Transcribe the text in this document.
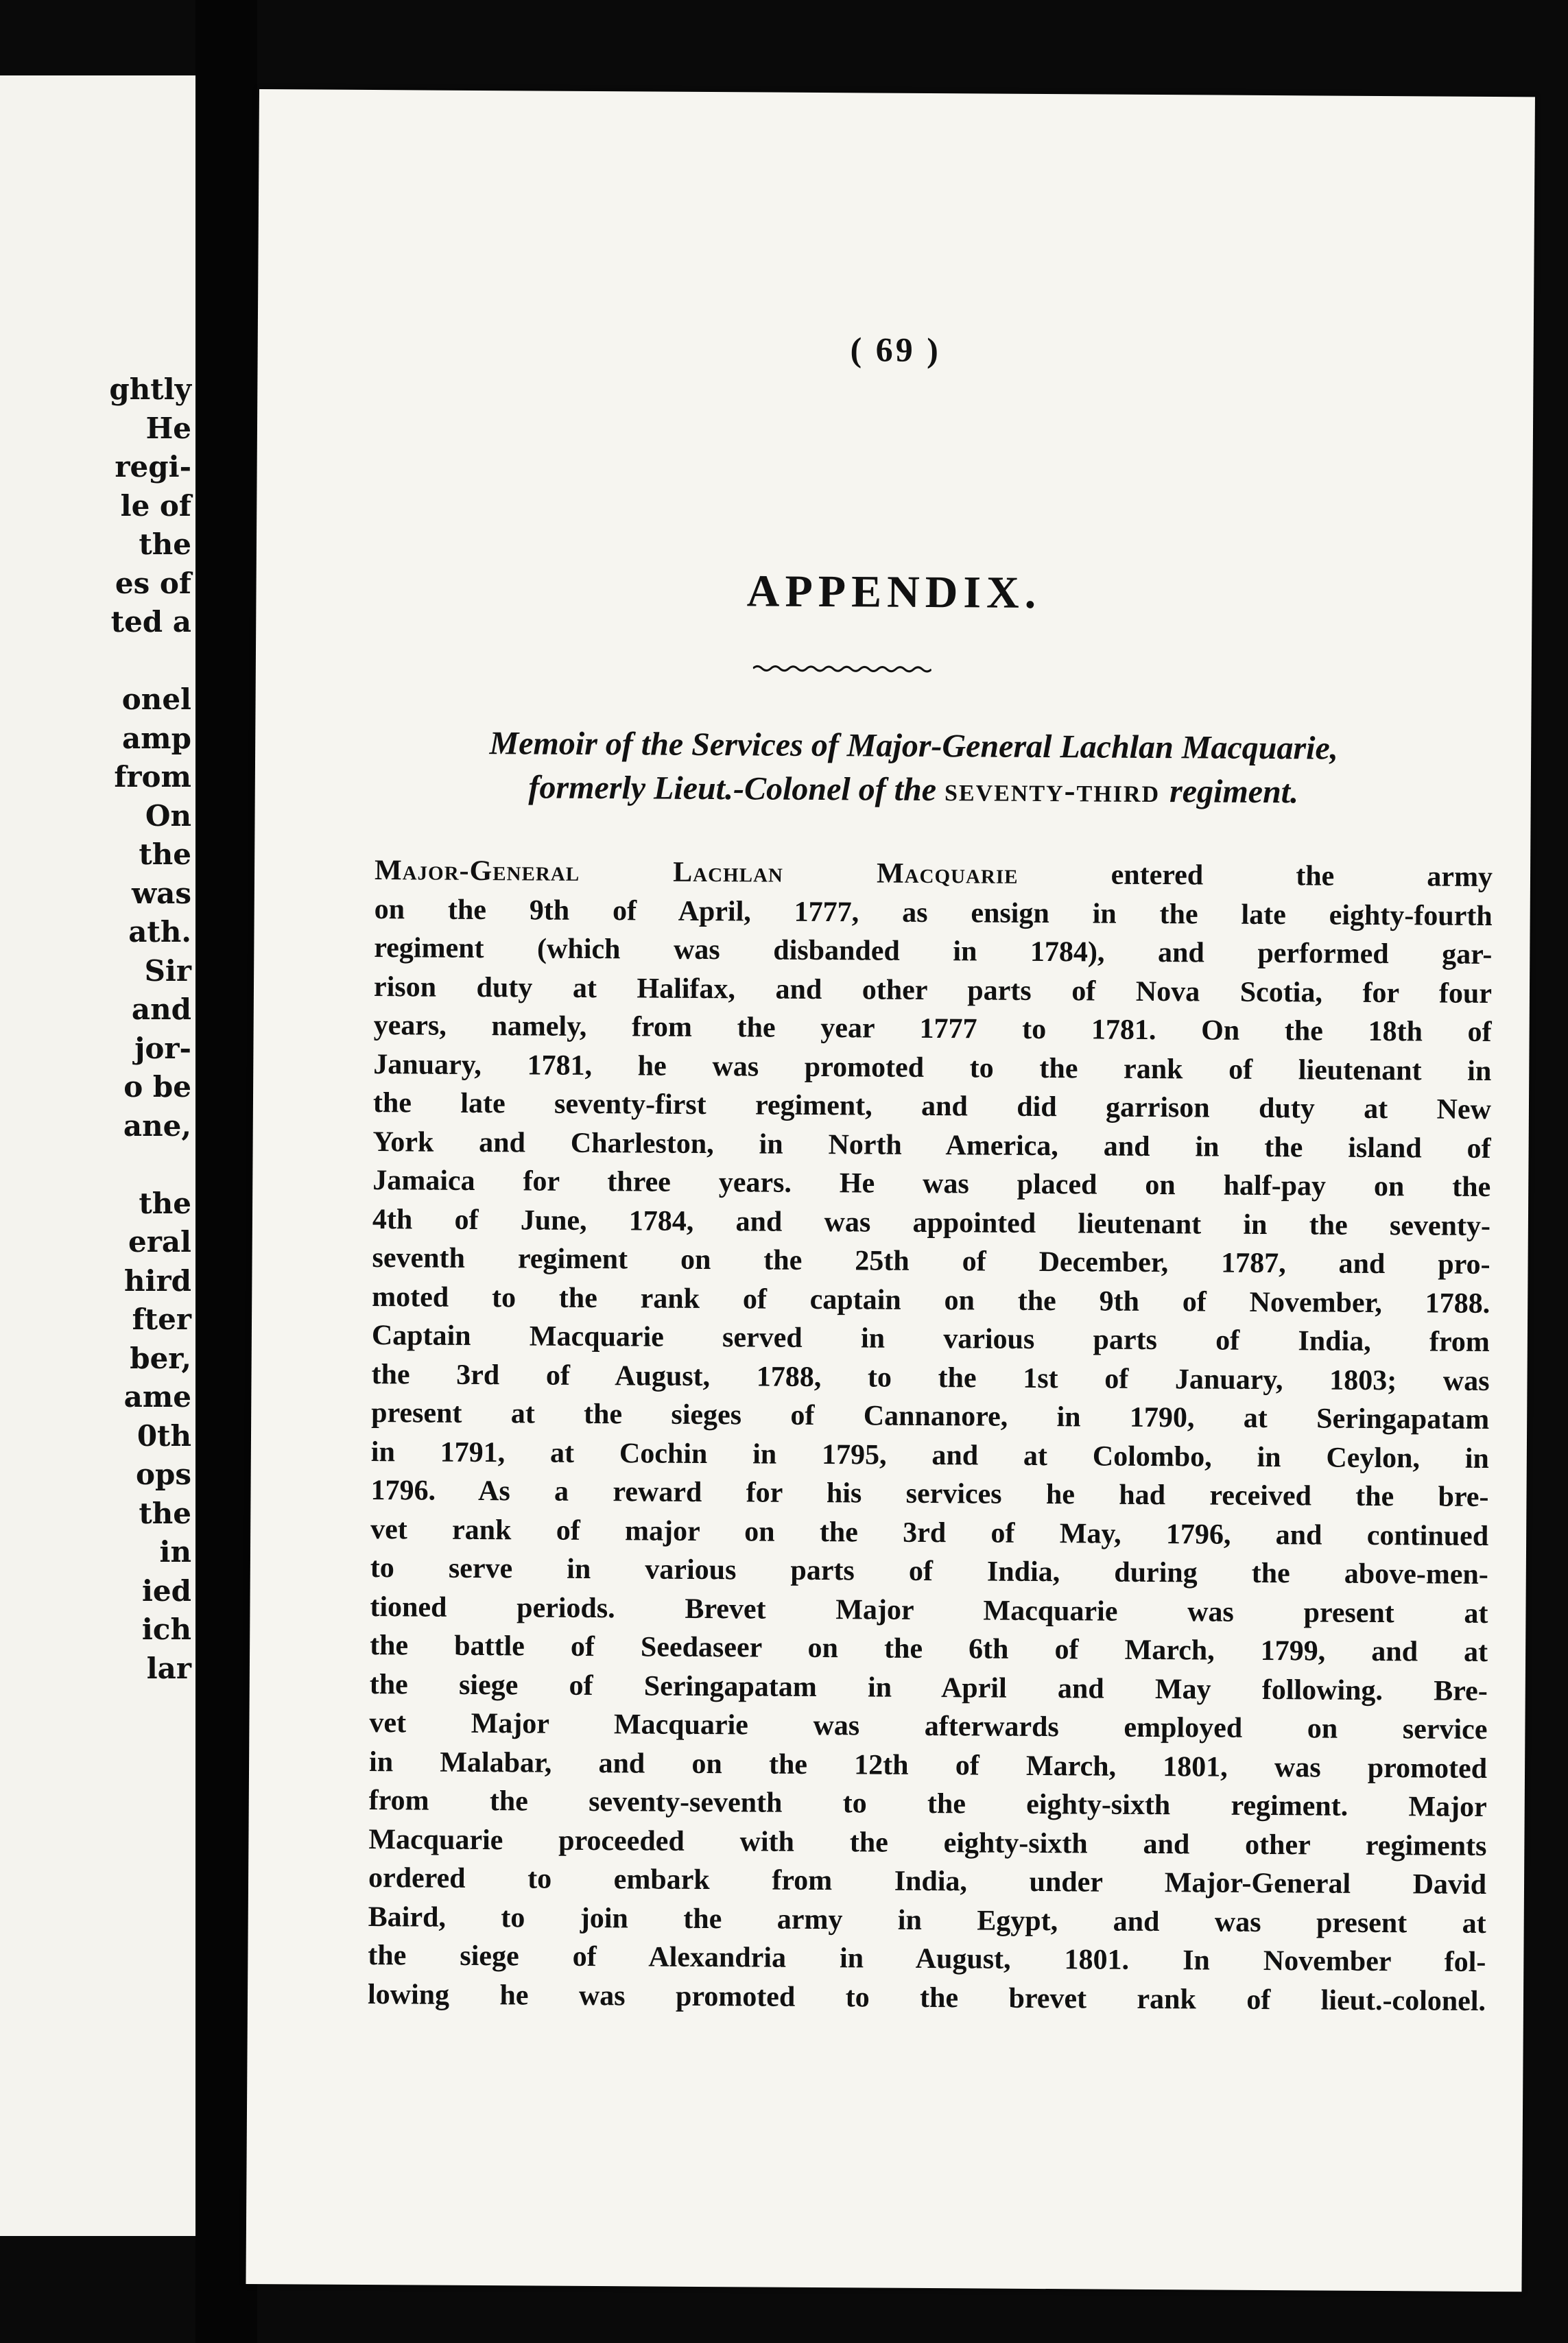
ghtly
He
regi-
le of
the
es of
ted a
onel
amp
from
On
the
was
ath.
Sir
and
jor-
o be
ane,
the
eral
hird
fter
ber,
ame
0th
ops
the
in
ied
ich
lar
( 69 )
APPENDIX.
Memoir of the Services of Major-General Lachlan Macquarie,
formerly Lieut.-Colonel of the seventy-third regiment.
Major-General Lachlan Macquarie entered the army
on the 9th of April, 1777, as ensign in the late eighty-fourth
regiment (which was disbanded in 1784), and performed gar-
rison duty at Halifax, and other parts of Nova Scotia, for four
years, namely, from the year 1777 to 1781. On the 18th of
January, 1781, he was promoted to the rank of lieutenant in
the late seventy-first regiment, and did garrison duty at New
York and Charleston, in North America, and in the island of
Jamaica for three years. He was placed on half-pay on the
4th of June, 1784, and was appointed lieutenant in the seventy-
seventh regiment on the 25th of December, 1787, and pro-
moted to the rank of captain on the 9th of November, 1788.
Captain Macquarie served in various parts of India, from
the 3rd of August, 1788, to the 1st of January, 1803; was
present at the sieges of Cannanore, in 1790, at Seringapatam
in 1791, at Cochin in 1795, and at Colombo, in Ceylon, in
1796. As a reward for his services he had received the bre-
vet rank of major on the 3rd of May, 1796, and continued
to serve in various parts of India, during the above-men-
tioned periods. Brevet Major Macquarie was present at
the battle of Seedaseer on the 6th of March, 1799, and at
the siege of Seringapatam in April and May following. Bre-
vet Major Macquarie was afterwards employed on service
in Malabar, and on the 12th of March, 1801, was promoted
from the seventy-seventh to the eighty-sixth regiment. Major
Macquarie proceeded with the eighty-sixth and other regiments
ordered to embark from India, under Major-General David
Baird, to join the army in Egypt, and was present at
the siege of Alexandria in August, 1801. In November fol-
lowing he was promoted to the brevet rank of lieut.-colonel.
